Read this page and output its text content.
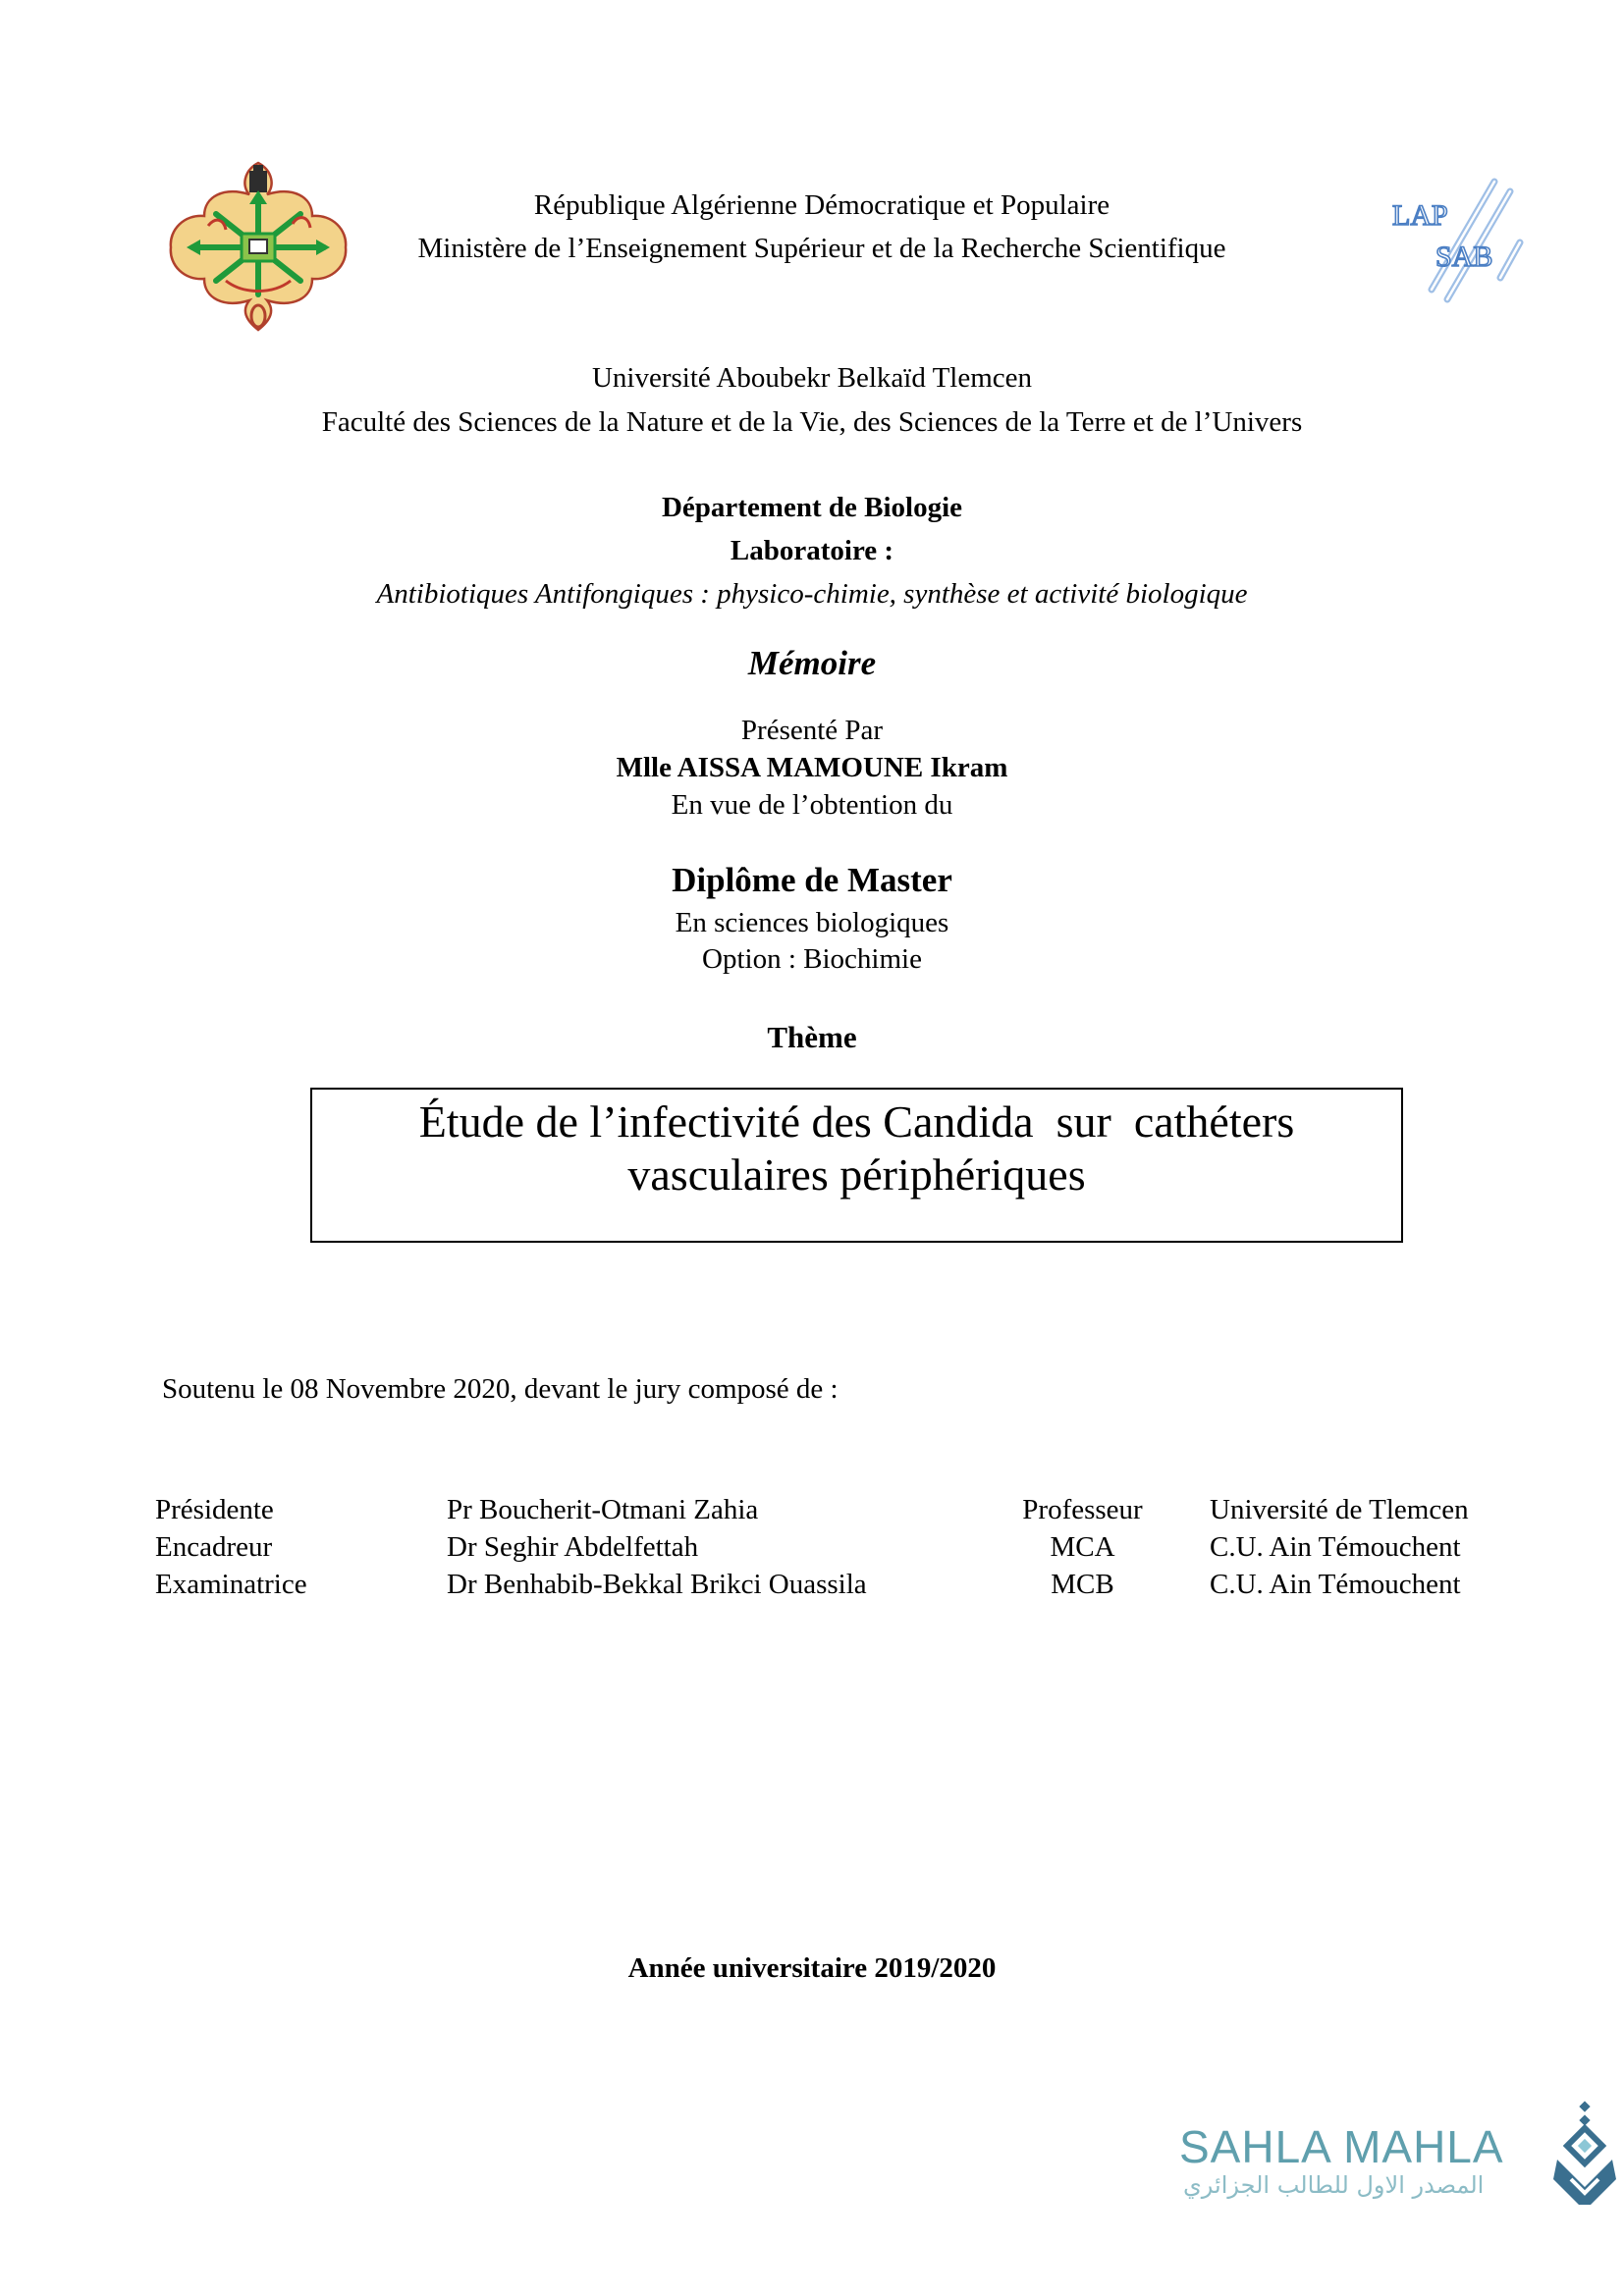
LAP
SAB
République Algérienne Démocratique et Populaire
Ministère de l’Enseignement Supérieur et de la Recherche Scientifique
Université Aboubekr Belkaïd Tlemcen
Faculté des Sciences de la Nature et de la Vie, des Sciences de la Terre et de l’Univers
Département de Biologie
Laboratoire :
Antibiotiques Antifongiques : physico-chimie, synthèse et activité biologique
Mémoire
Présenté Par
Mlle AISSA MAMOUNE Ikram
En vue de l’obtention du
Diplôme de Master
En sciences biologiques
Option : Biochimie
Thème
Étude de l’infectivité des Candida  sur  cathéters
vasculaires périphériques
Soutenu le 08 Novembre 2020, devant le jury composé de :
Présidente	Pr Boucherit-Otmani Zahia	Professeur	Université de Tlemcen
Encadreur	Dr Seghir Abdelfettah	MCA	C.U. Ain Témouchent
Examinatrice	Dr Benhabib-Bekkal Brikci Ouassila	MCB	C.U. Ain Témouchent
Année universitaire 2019/2020
SAHLA MAHLA
المصدر الاول للطالب الجزائري
